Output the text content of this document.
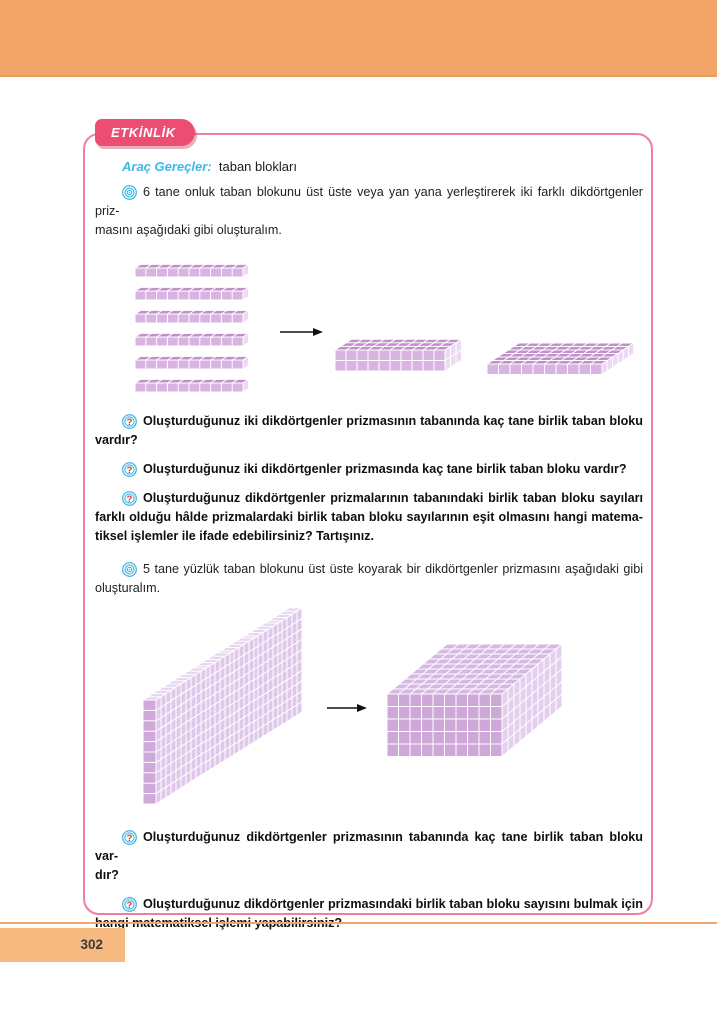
ETKİNLİK
Araç Gereçler: taban blokları
6 tane onluk taban blokunu üst üste veya yan yana yerleştirerek iki farklı dikdörtgenler priz-
masını aşağıdaki gibi oluşturalım.
? Oluşturduğunuz iki dikdörtgenler prizmasının tabanında kaç tane birlik taban bloku
vardır?
? Oluşturduğunuz iki dikdörtgenler prizmasında kaç tane birlik taban bloku vardır?
? Oluşturduğunuz dikdörtgenler prizmalarının tabanındaki birlik taban bloku sayıları
farklı olduğu hâlde prizmalardaki birlik taban bloku sayılarının eşit olmasını hangi matema-
tiksel işlemler ile ifade edebilirsiniz? Tartışınız.
5 tane yüzlük taban blokunu üst üste koyarak bir dikdörtgenler prizmasını aşağıdaki gibi
oluşturalım.
? Oluşturduğunuz dikdörtgenler prizmasının tabanında kaç tane birlik taban bloku var-
dır?
? Oluşturduğunuz dikdörtgenler prizmasındaki birlik taban bloku sayısını bulmak için
302
